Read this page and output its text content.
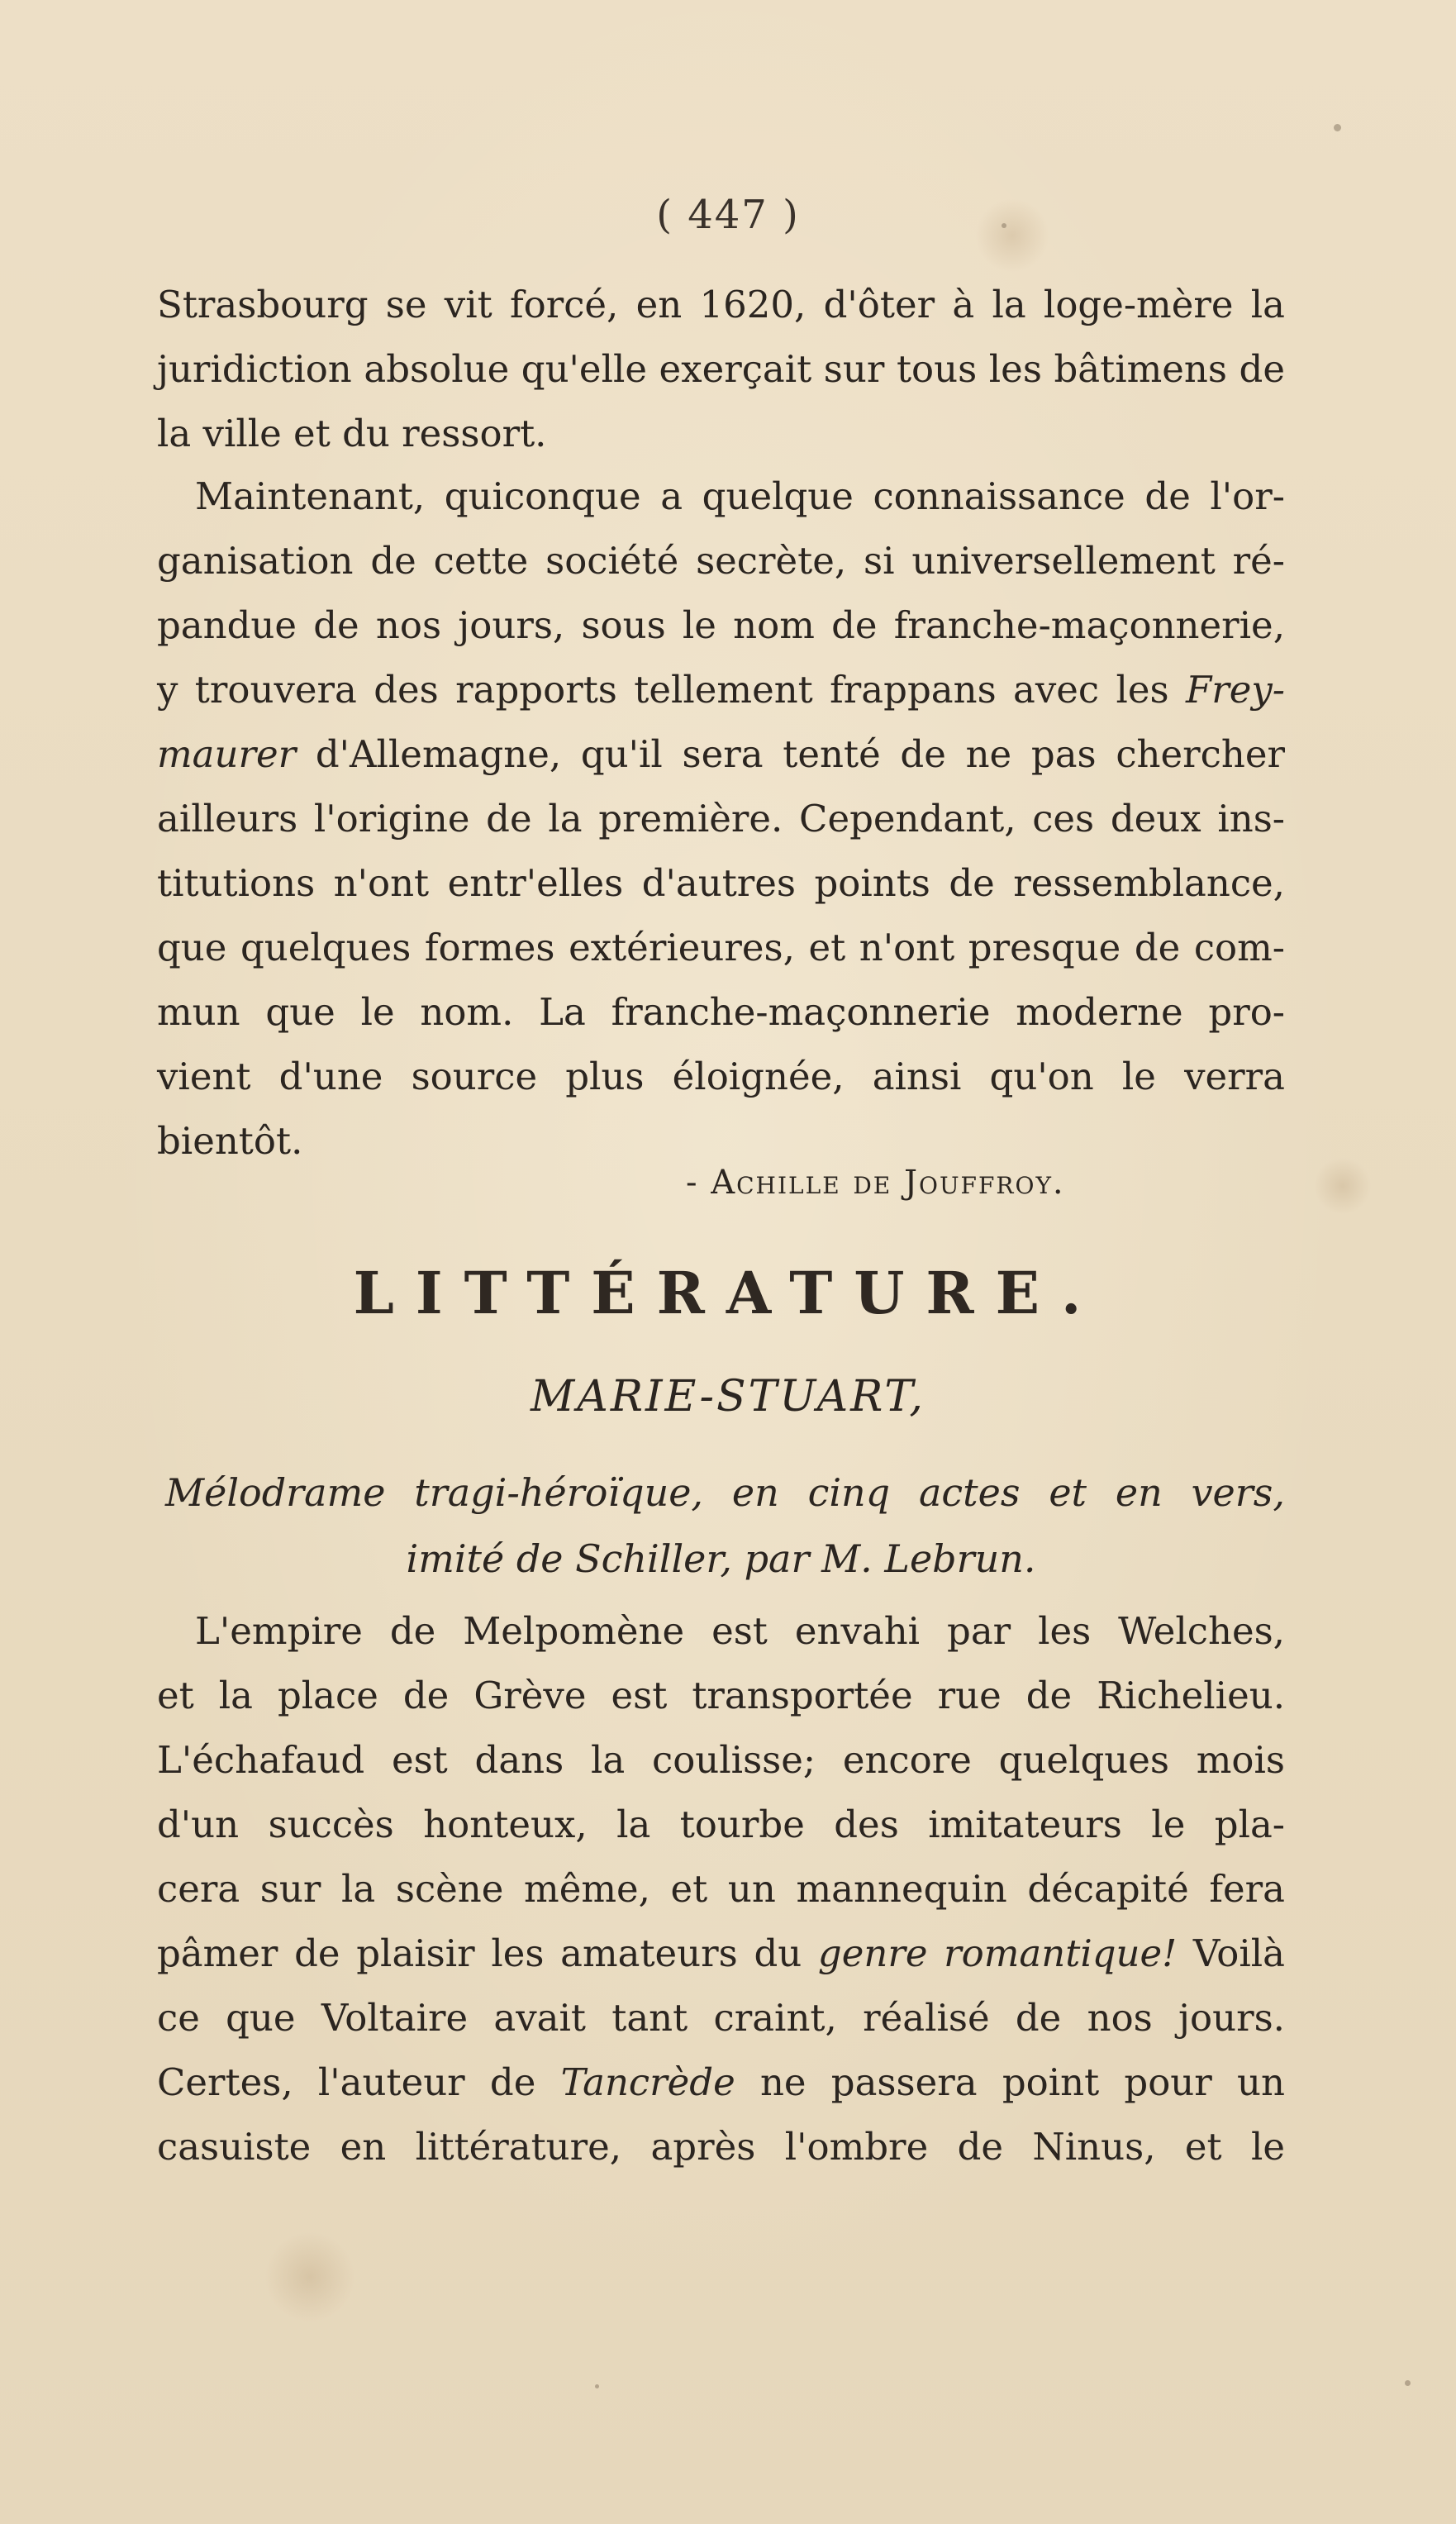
( 447 )
Strasbourg se vit forcé, en 1620, d'ôter à la loge-mère la
juridiction absolue qu'elle exerçait sur tous les bâtimens de
la ville et du ressort.
Maintenant, quiconque a quelque connaissance de l'or-
ganisation de cette société secrète, si universellement ré-
pandue de nos jours, sous le nom de franche-maçonnerie,
y trouvera des rapports tellement frappans avec les Frey-
maurer d'Allemagne, qu'il sera tenté de ne pas chercher
ailleurs l'origine de la première. Cependant, ces deux ins-
titutions n'ont entr'elles d'autres points de ressemblance,
que quelques formes extérieures, et n'ont presque de com-
mun que le nom. La franche-maçonnerie moderne pro-
vient d'une source plus éloignée, ainsi qu'on le verra
bientôt.
- Achille de Jouffroy.
LITTÉRATURE.
MARIE-STUART,
Mélodrame tragi-héroïque, en cinq actes et en vers,
imité de Schiller, par M. Lebrun.
L'empire de Melpomène est envahi par les Welches,
et la place de Grève est transportée rue de Richelieu.
L'échafaud est dans la coulisse; encore quelques mois
d'un succès honteux, la tourbe des imitateurs le pla-
cera sur la scène même, et un mannequin décapité fera
pâmer de plaisir les amateurs du genre romantique! Voilà
ce que Voltaire avait tant craint, réalisé de nos jours.
Certes, l'auteur de Tancrède ne passera point pour un
casuiste en littérature, après l'ombre de Ninus, et le
